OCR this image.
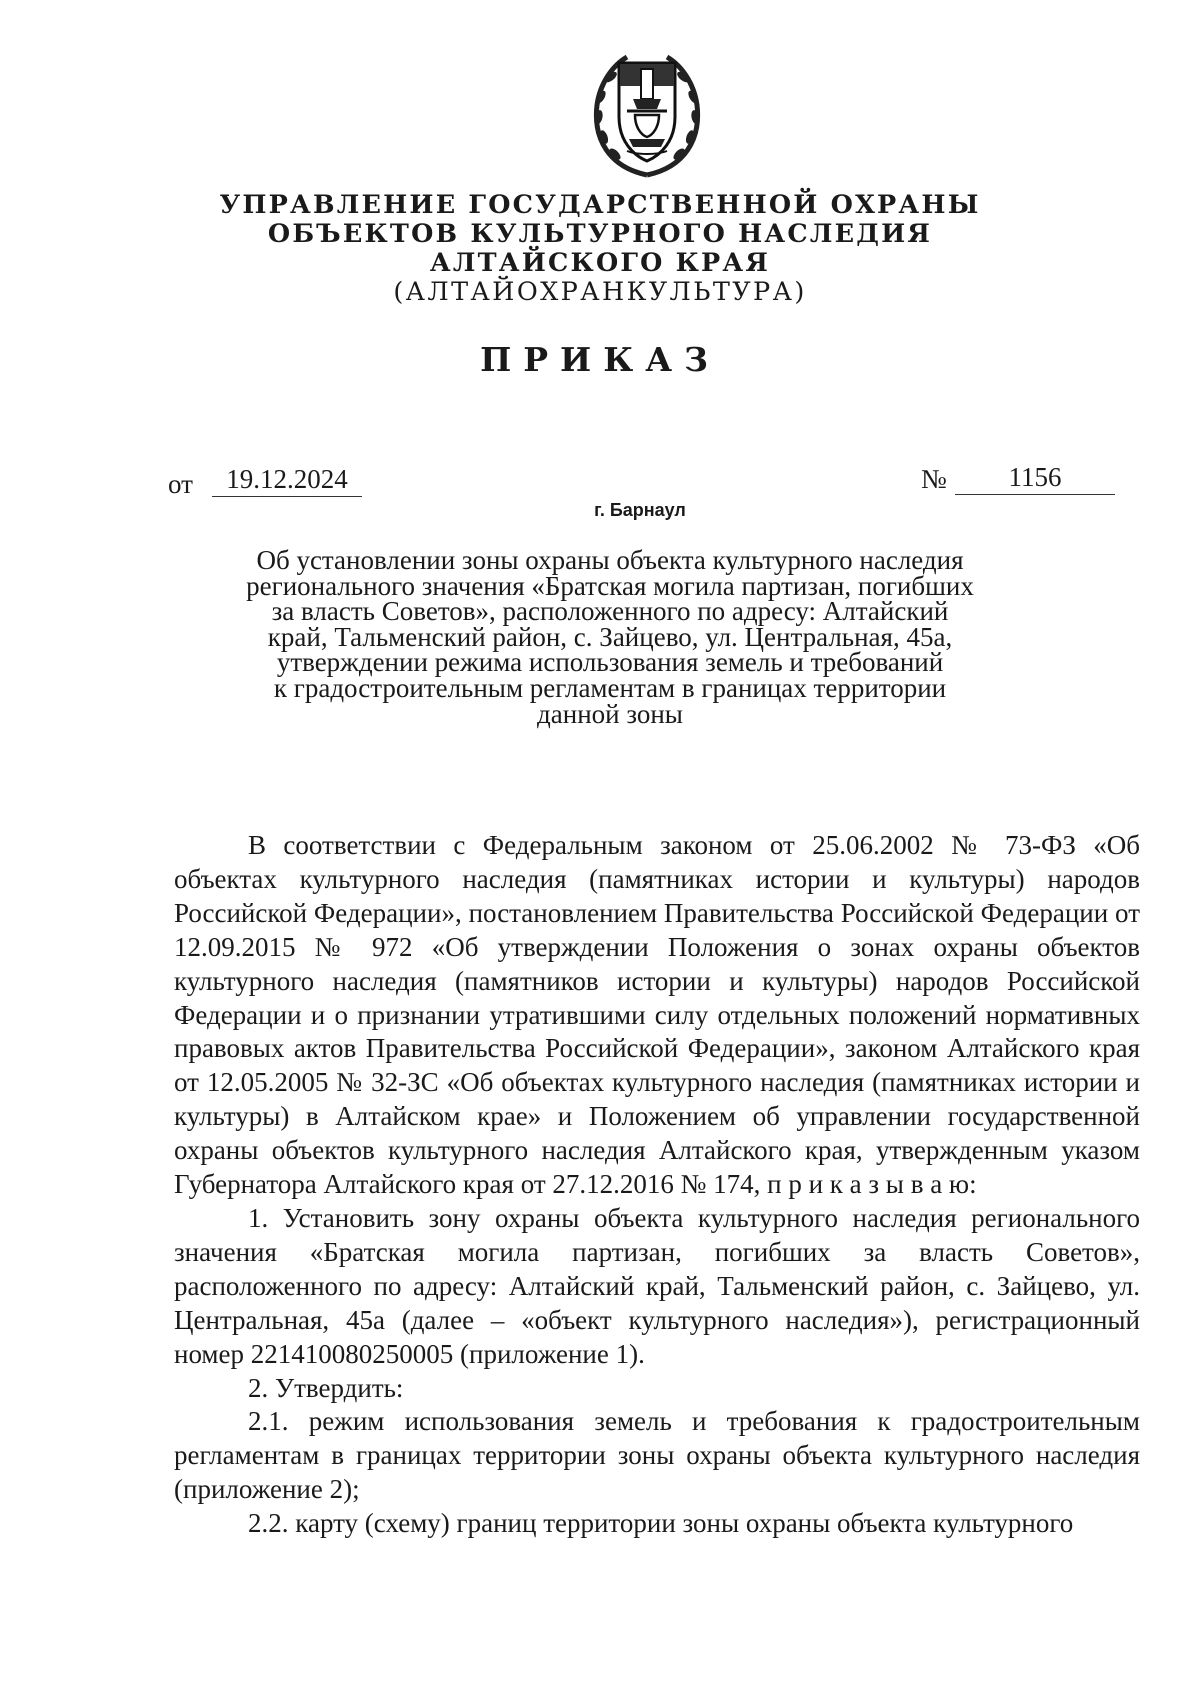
УПРАВЛЕНИЕ ГОСУДАРСТВЕННОЙ ОХРАНЫ
ОБЪЕКТОВ КУЛЬТУРНОГО НАСЛЕДИЯ
АЛТАЙСКОГО КРАЯ
(АЛТАЙОХРАНКУЛЬТУРА)
ПРИКАЗ
от	19.12.2024	№	1156
г. Барнаул
Об установлении зоны охраны объекта культурного наследия
регионального значения «Братская могила партизан, погибших
за власть Советов», расположенного по адресу: Алтайский
край, Тальменский район, с. Зайцево, ул. Центральная, 45а,
утверждении режима использования земель и требований
к градостроительным регламентам в границах территории
данной зоны

В соответствии с Федеральным законом от 25.06.2002 № 73-ФЗ «Об объектах культурного наследия (памятниках истории и культуры) народов Российской Федерации», постановлением Правительства Российской Федерации от 12.09.2015 № 972 «Об утверждении Положения о зонах охраны объектов культурного наследия (памятников истории и культуры) народов Российской Федерации и о признании утратившими силу отдельных положений нормативных правовых актов Правительства Российской Федерации», законом Алтайского края от 12.05.2005 № 32-ЗС «Об объектах культурного наследия (памятниках истории и культуры) в Алтайском крае» и Положением об управлении государственной охраны объектов культурного наследия Алтайского края, утвержденным указом Губернатора Алтайского края от 27.12.2016 № 174, п р и к а з ы в а ю:

1. Установить зону охраны объекта культурного наследия регионального значения «Братская могила партизан, погибших за власть Советов», расположенного по адресу: Алтайский край, Тальменский район, с. Зайцево, ул. Центральная, 45а (далее – «объект культурного наследия»), регистрационный номер 221410080250005 (приложение 1).

2. Утвердить:

2.1. режим использования земель и требования к градостроительным регламентам в границах территории зоны охраны объекта культурного наследия (приложение 2);

2.2. карту (схему) границ территории зоны охраны объекта культурного
